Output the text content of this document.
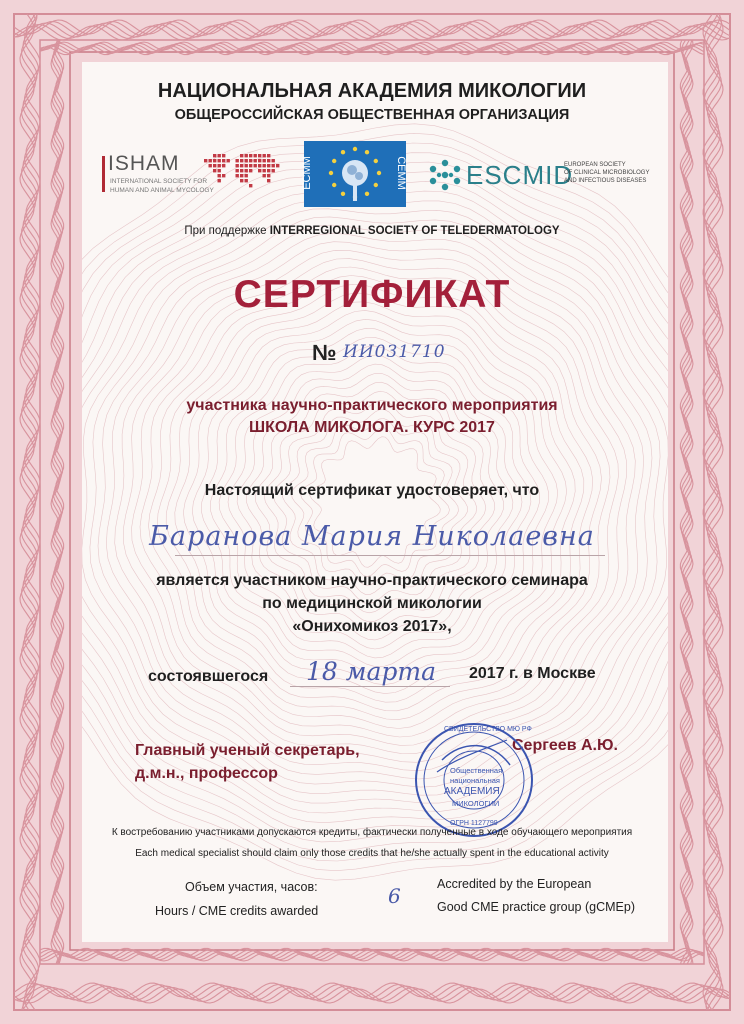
НАЦИОНАЛЬНАЯ АКАДЕМИЯ МИКОЛОГИИ
ОБЩЕРОССИЙСКАЯ ОБЩЕСТВЕННАЯ ОРГАНИЗАЦИЯ
ISHAM
INTERNATIONAL SOCIETY FOR
HUMAN AND ANIMAL MYCOLOGY
ECMM	CEMM ESCMID
EUROPEAN SOCIETY
OF CLINICAL MICROBIOLOGY
AND INFECTIOUS DISEASES
При поддержке INTERREGIONAL SOCIETY OF TELEDERMATOLOGY
СЕРТИФИКАТ
№ ИИ031710
участника научно-практического мероприятия
ШКОЛА МИКОЛОГА. КУРС 2017
Настоящий сертификат удостоверяет, что
Баранова Мария Николаевна
является участником научно-практического семинара
по медицинской микологии
«Онихомикоз 2017»,
состоявшегося 18 марта 2017 г. в Москве
Главный ученый секретарь,
д.м.н., профессор
Сергеев А.Ю.
СВИДЕТЕЛЬСТВО МЮ РФ
Общественная
национальная
АКАДЕМИЯ
МИКОЛОГИИ
ОГРН 1127799
К востребованию участниками допускаются кредиты, фактически полученные в ходе обучающего мероприятия
Each medical specialist should claim only those credits that he/she actually spent in the educational activity
Объем участия, часов:
Hours / CME credits awarded
6	Accredited by the European
Good CME practice group (gCMEp)
